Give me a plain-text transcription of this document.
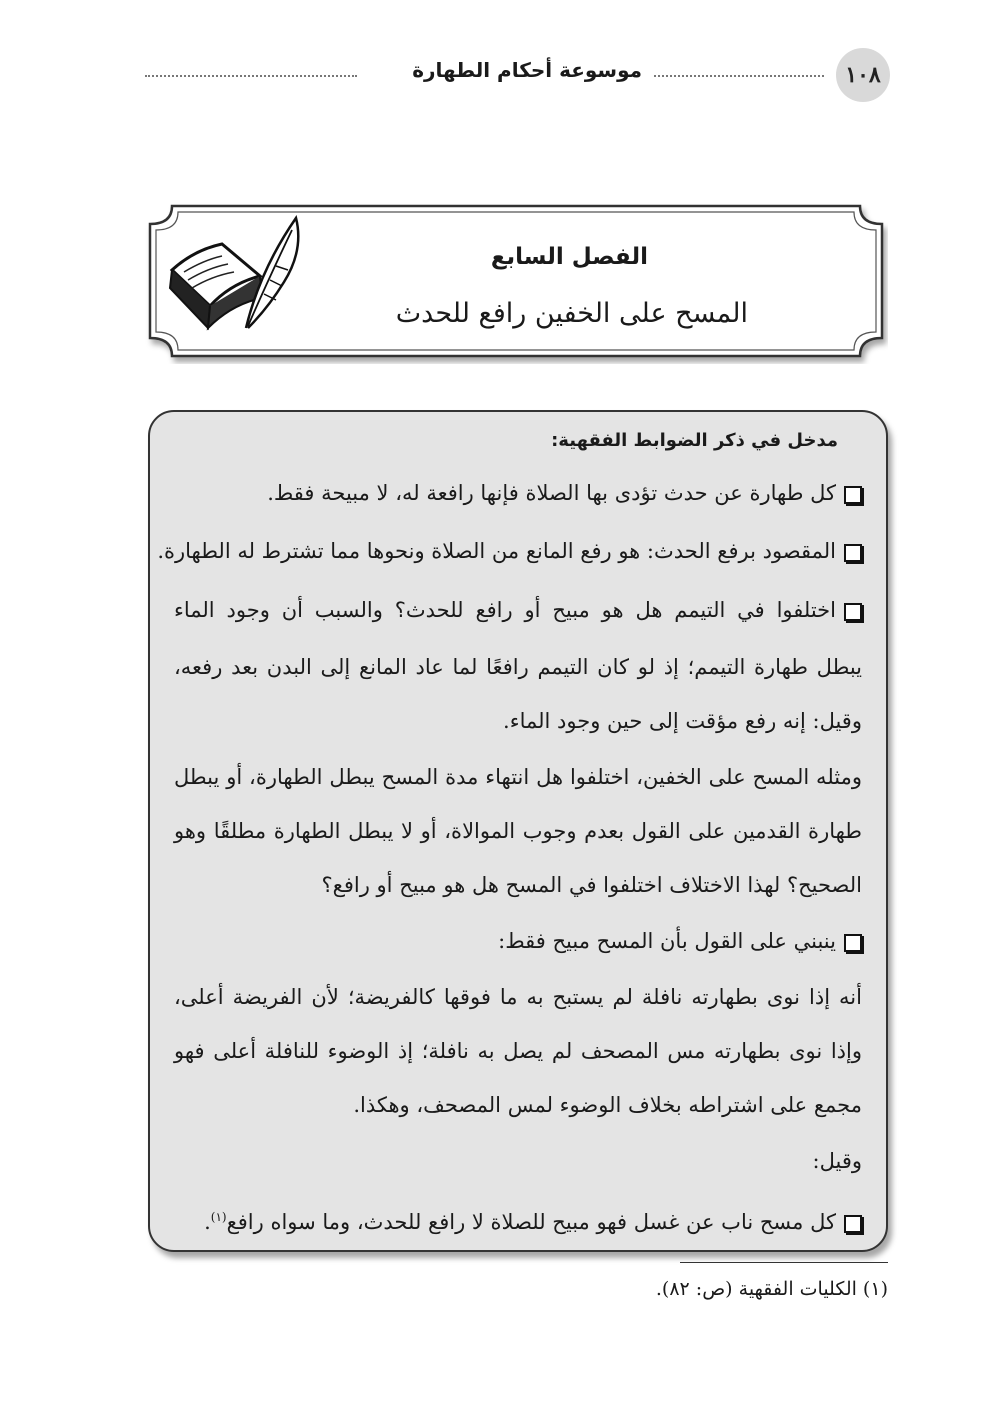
١٠٨
موسوعة أحكام الطهارة
الفصل السابع
المسح على الخفين رافع للحدث
مدخل في ذكر الضوابط الفقهية:
كل طهارة عن حدث تؤدى بها الصلاة فإنها رافعة له، لا مبيحة فقط.
المقصود برفع الحدث: هو رفع المانع من الصلاة ونحوها مما تشترط له الطهارة.
اختلفوا في التيمم هل هو مبيح أو رافع للحدث؟ والسبب أن وجود الماء
يبطل طهارة التيمم؛ إذ لو كان التيمم رافعًا لما عاد المانع إلى البدن بعد رفعه،
وقيل: إنه رفع مؤقت إلى حين وجود الماء.
ومثله المسح على الخفين، اختلفوا هل انتهاء مدة المسح يبطل الطهارة، أو يبطل
طهارة القدمين على القول بعدم وجوب الموالاة، أو لا يبطل الطهارة مطلقًا وهو
الصحيح؟ لهذا الاختلاف اختلفوا في المسح هل هو مبيح أو رافع؟
ينبني على القول بأن المسح مبيح فقط:
أنه إذا نوى بطهارته نافلة لم يستبح به ما فوقها كالفريضة؛ لأن الفريضة أعلى،
وإذا نوى بطهارته مس المصحف لم يصل به نافلة؛ إذ الوضوء للنافلة أعلى فهو
مجمع على اشتراطه بخلاف الوضوء لمس المصحف، وهكذا.
وقيل:
كل مسح ناب عن غسل فهو مبيح للصلاة لا رافع للحدث، وما سواه رافع$^{(١)}$.
(١) الكليات الفقهية (ص: ٨٢).
